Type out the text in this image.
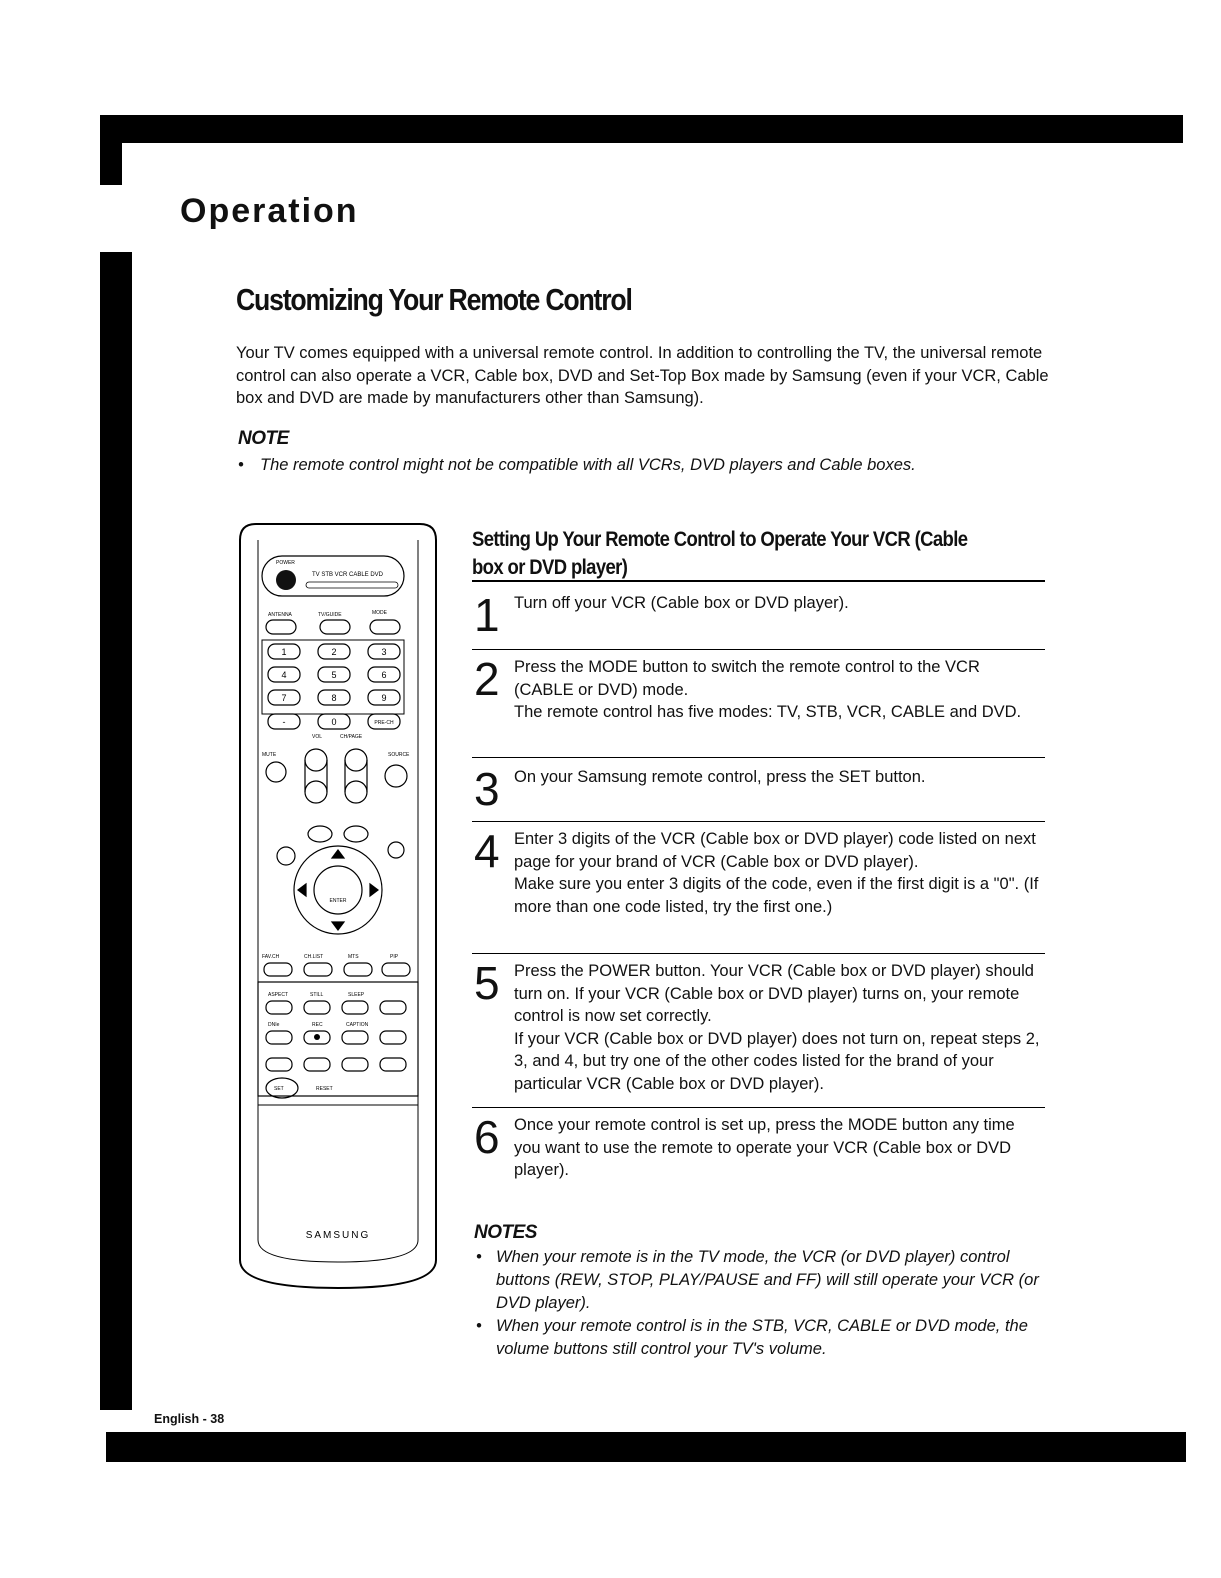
Operation
Customizing Your Remote Control

Your TV comes equipped with a universal remote control. In addition to controlling the TV, the universal remote control can also operate a VCR, Cable box, DVD and Set-Top Box made by Samsung (even if your VCR, Cable box and DVD are made by manufacturers other than Samsung).

NOTE
• The remote control might not be compatible with all VCRs, DVD players and Cable boxes.
POWER
TV STB VCR CABLE DVD
ANTENNA	TV/GUIDE	MODE
1	2	3
4	5	6
7	8	9
-	0	PRE-CH
VOL	CH/PAGE
MUTE	SOURCE
ENTER
FAV.CH	CH.LIST	MTS	PIP
ASPECT	STILL	SLEEP
DNIe	REC	CAPTION
SET	RESET
SAMSUNG
Setting Up Your Remote Control to Operate Your VCR (Cable box or DVD player)
1 Turn off your VCR (Cable box or DVD player).

2 Press the MODE button to switch the remote control to the VCR (CABLE or DVD) mode.

The remote control has five modes: TV, STB, VCR, CABLE and DVD.

3 On your Samsung remote control, press the SET button.

4 Enter 3 digits of the VCR (Cable box or DVD player) code listed on next page for your brand of VCR (Cable box or DVD player).

Make sure you enter 3 digits of the code, even if the first digit is a "0". (If more than one code listed, try the first one.)

5 Press the POWER button. Your VCR (Cable box or DVD player) should turn on. If your VCR (Cable box or DVD player) turns on, your remote control is now set correctly.

If your VCR (Cable box or DVD player) does not turn on, repeat steps 2, 3, and 4, but try one of the other codes listed for the brand of your particular VCR (Cable box or DVD player).

6 Once your remote control is set up, press the MODE button any time you want to use the remote to operate your VCR (Cable box or DVD player).

NOTES
• When your remote is in the TV mode, the VCR (or DVD player) control buttons (REW, STOP, PLAY/PAUSE and FF) will still operate your VCR (or DVD player).
• When your remote control is in the STB, VCR, CABLE or DVD mode, the volume buttons still control your TV's volume.
English - 38
